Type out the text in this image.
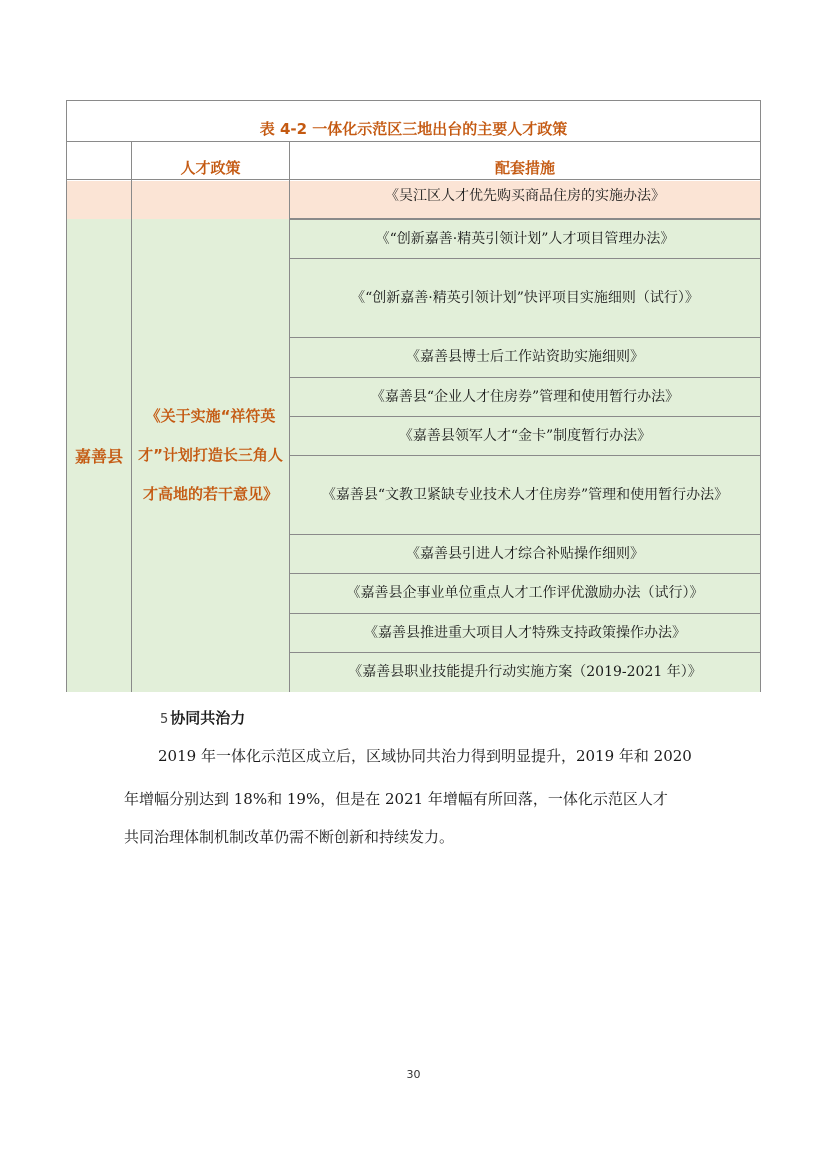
表 4-2 一体化示范区三地出台的主要人才政策
人才政策	配套措施
《吴江区人才优先购买商品住房的实施办法》
嘉善县
《关于实施“祥符英才”计划打造长三角人才高地的若干意见》
《“创新嘉善·精英引领计划”人才项目管理办法》
《“创新嘉善·精英引领计划”快评项目实施细则（试行）》
《嘉善县博士后工作站资助实施细则》
《嘉善县“企业人才住房券”管理和使用暂行办法》
《嘉善县领军人才“金卡”制度暂行办法》
《嘉善县“文教卫紧缺专业技术人才住房券”管理和使用暂行办法》
《嘉善县引进人才综合补贴操作细则》
《嘉善县企事业单位重点人才工作评优激励办法（试行）》
《嘉善县推进重大项目人才特殊支持政策操作办法》
《嘉善县职业技能提升行动实施方案（2019-2021 年）》
5 协同共治力
2019 年一体化示范区成立后，区域协同共治力得到明显提升，2019 年和 2020
年增幅分别达到 18%和 19%，但是在 2021 年增幅有所回落，一体化示范区人才
共同治理体制机制改革仍需不断创新和持续发力。
30
